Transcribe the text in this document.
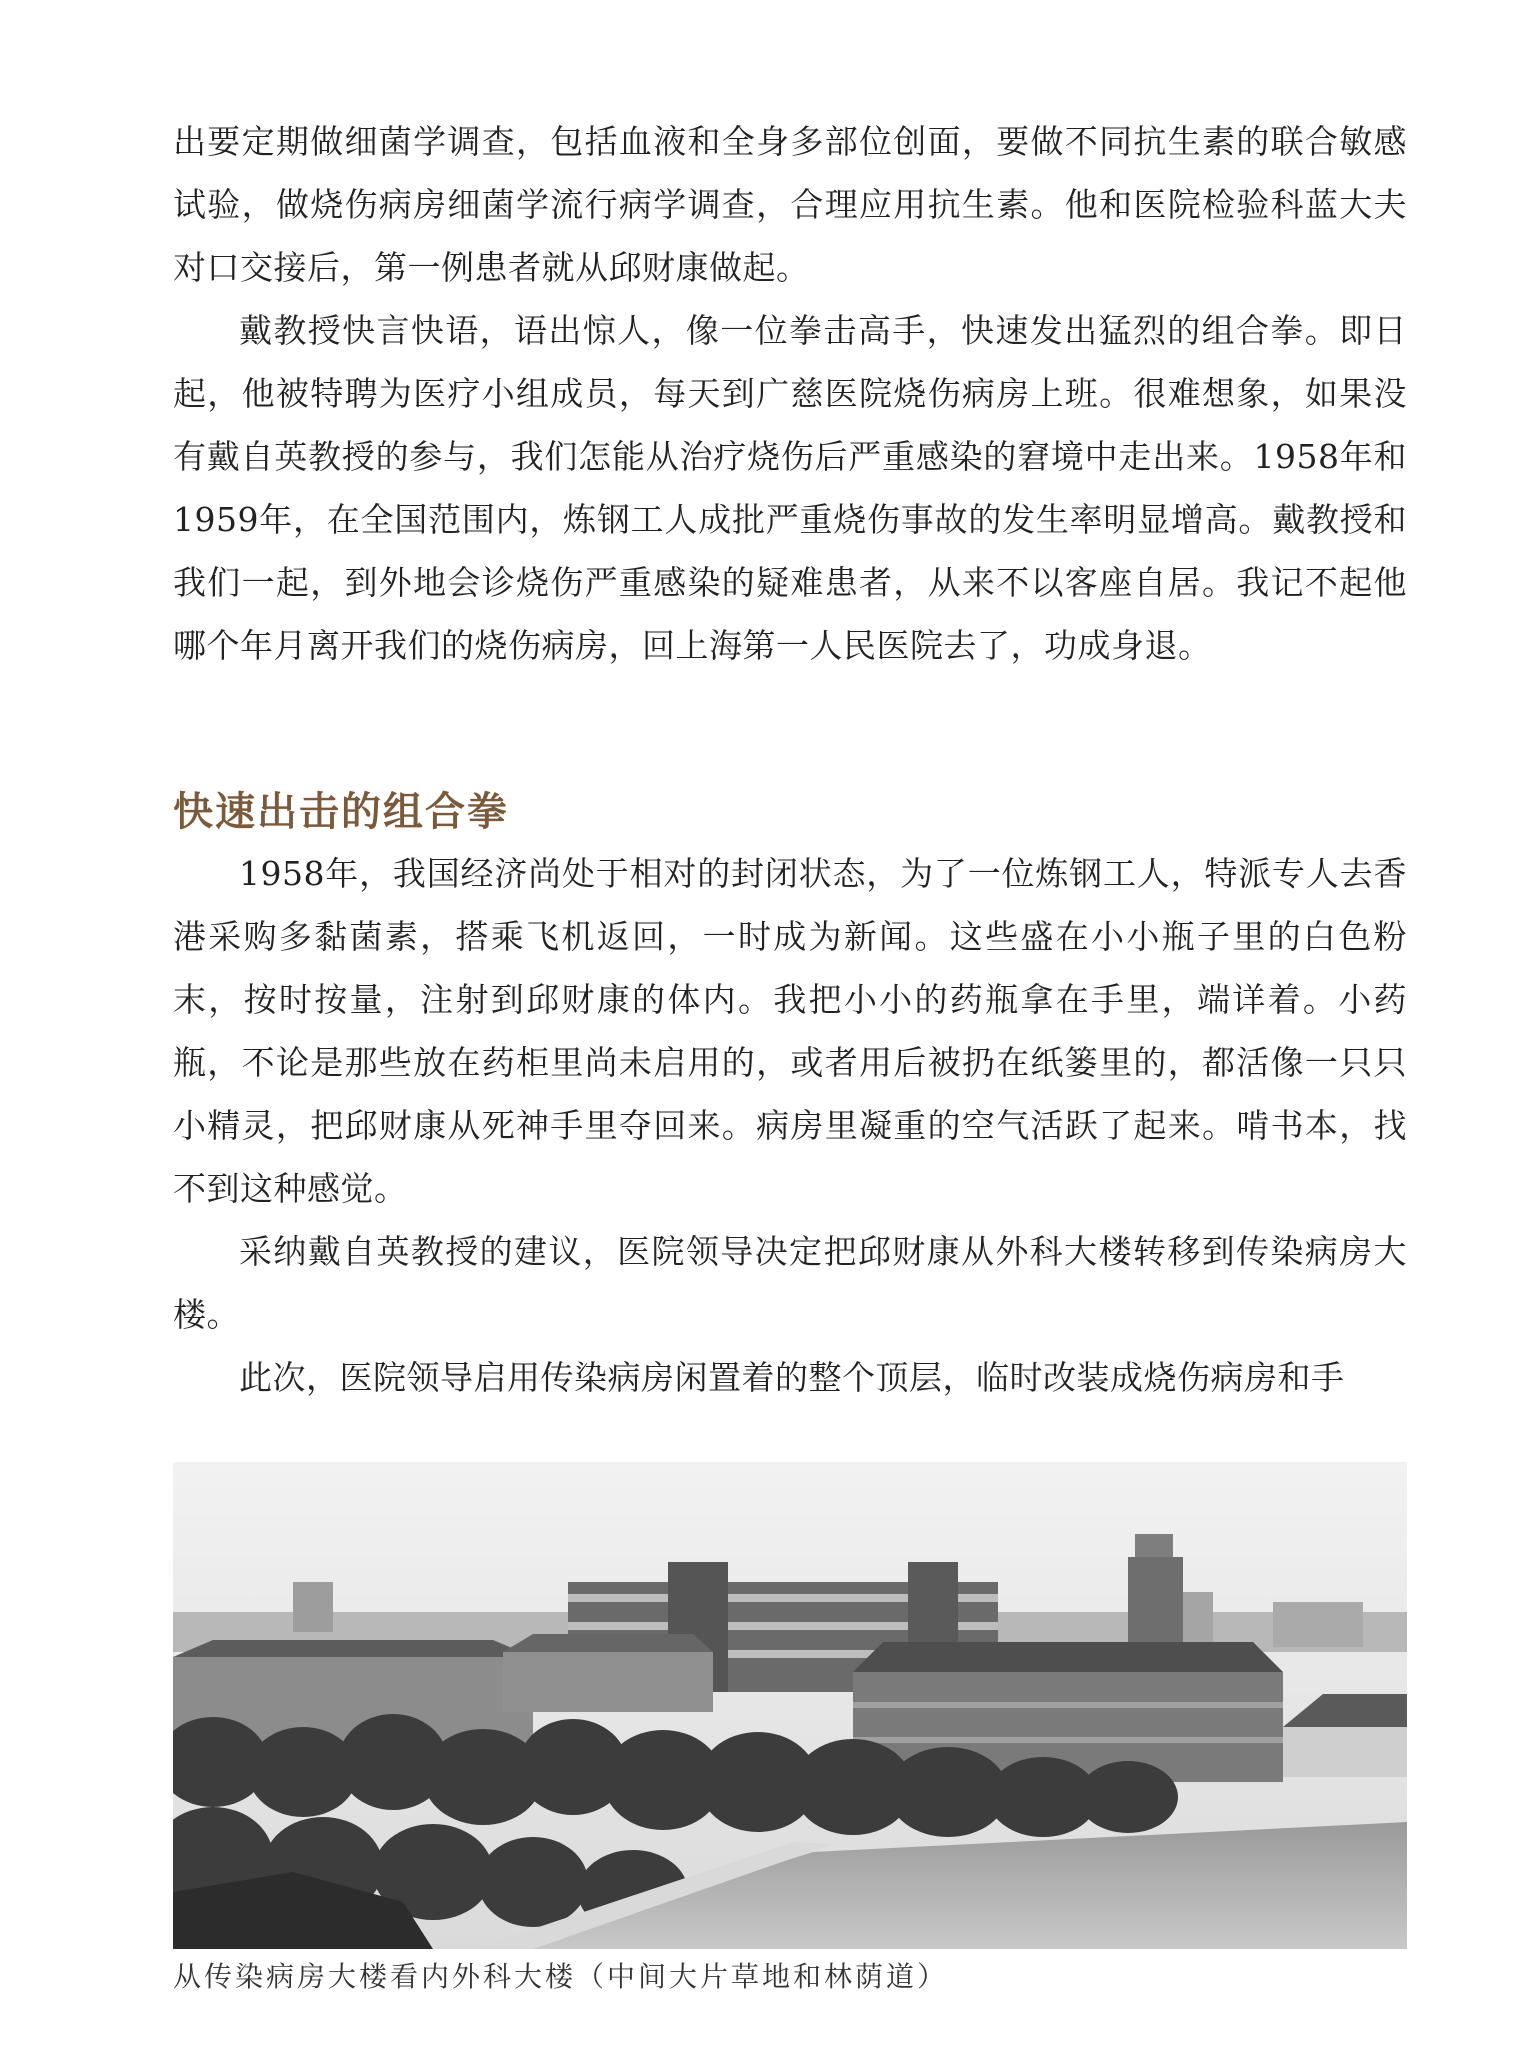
出要定期做细菌学调查，包括血液和全身多部位创面，要做不同抗生素的联合敏感试验，做烧伤病房细菌学流行病学调查，合理应用抗生素。他和医院检验科蓝大夫对口交接后，第一例患者就从邱财康做起。

戴教授快言快语，语出惊人，像一位拳击高手，快速发出猛烈的组合拳。即日起，他被特聘为医疗小组成员，每天到广慈医院烧伤病房上班。很难想象，如果没有戴自英教授的参与，我们怎能从治疗烧伤后严重感染的窘境中走出来。1958年和1959年，在全国范围内，炼钢工人成批严重烧伤事故的发生率明显增高。戴教授和我们一起，到外地会诊烧伤严重感染的疑难患者，从来不以客座自居。我记不起他哪个年月离开我们的烧伤病房，回上海第一人民医院去了，功成身退。

快速出击的组合拳

1958年，我国经济尚处于相对的封闭状态，为了一位炼钢工人，特派专人去香港采购多黏菌素，搭乘飞机返回，一时成为新闻。这些盛在小小瓶子里的白色粉末，按时按量，注射到邱财康的体内。我把小小的药瓶拿在手里，端详着。小药瓶，不论是那些放在药柜里尚未启用的，或者用后被扔在纸篓里的，都活像一只只小精灵，把邱财康从死神手里夺回来。病房里凝重的空气活跃了起来。啃书本，找不到这种感觉。

采纳戴自英教授的建议，医院领导决定把邱财康从外科大楼转移到传染病房大楼。

此次，医院领导启用传染病房闲置着的整个顶层，临时改装成烧伤病房和手

从传染病房大楼看内外科大楼（中间大片草地和林荫道）
